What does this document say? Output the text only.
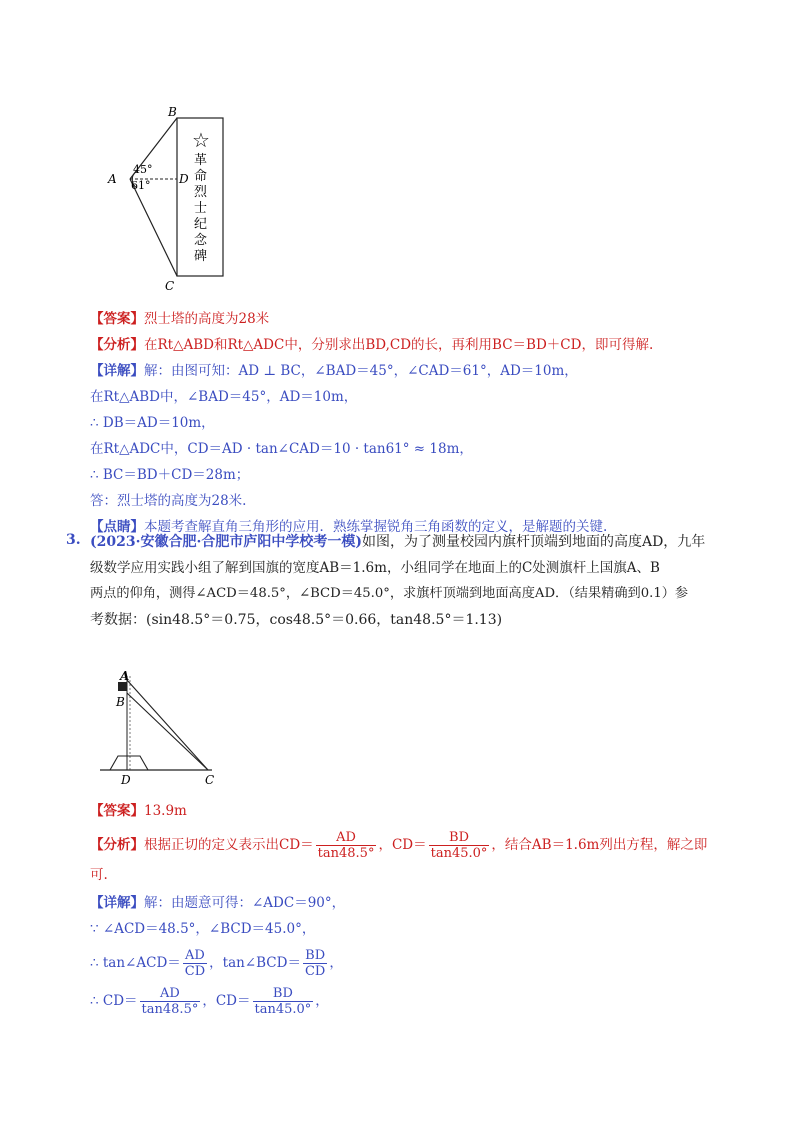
B
A	D
C
45°
61°
☆
革
命
烈
士
纪
念
碑
【答案】烈士塔的高度为28米
【分析】在Rt△ABD和Rt△ADC中，分别求出BD,CD的长，再利用BC＝BD＋CD，即可得解.
【详解】解：由图可知：AD ⊥ BC，∠BAD＝45°，∠CAD＝61°，AD＝10m，
在Rt△ABD中，∠BAD＝45°，AD＝10m，
∴ DB＝AD＝10m，
在Rt△ADC中，CD＝AD · tan∠CAD＝10 · tan61° ≈ 18m，
∴ BC＝BD＋CD＝28m；
答：烈士塔的高度为28米.
【点睛】本题考查解直角三角形的应用．熟练掌握锐角三角函数的定义，是解题的关键.
3. (2023·安徽合肥·合肥市庐阳中学校考一模)如图，为了测量校园内旗杆顶端到地面的高度AD，九年
级数学应用实践小组了解到国旗的宽度AB＝1.6m，小组同学在地面上的C处测旗杆上国旗A、B
两点的仰角，测得∠ACD＝48.5°，∠BCD＝45.0°，求旗杆顶端到地面高度AD．（结果精确到0.1）参
考数据：(sin48.5°＝0.75，cos48.5°＝0.66，tan48.5°＝1.13)
A
B
D	C
【答案】13.9m
【分析】根据正切的定义表示出$CD= \frac{AD}{\tan 48.5^\circ}$ ，$CD= \frac{BD}{\tan 45.0^\circ}$ ，结合AB＝1.6m列出方程，解之即
可.
【详解】解：由题意可得：∠ADC＝90°，
∵ ∠ACD＝48.5°，∠BCD＝45.0°，
∴ tan∠ACD＝ $\frac{AD}{CD}$ ，tan∠BCD＝ $\frac{BD}{CD}$ ，
∴ $CD= \frac{AD}{\tan 48.5^\circ}$ ，$CD= \frac{BD}{\tan 45.0^\circ}$ ，
